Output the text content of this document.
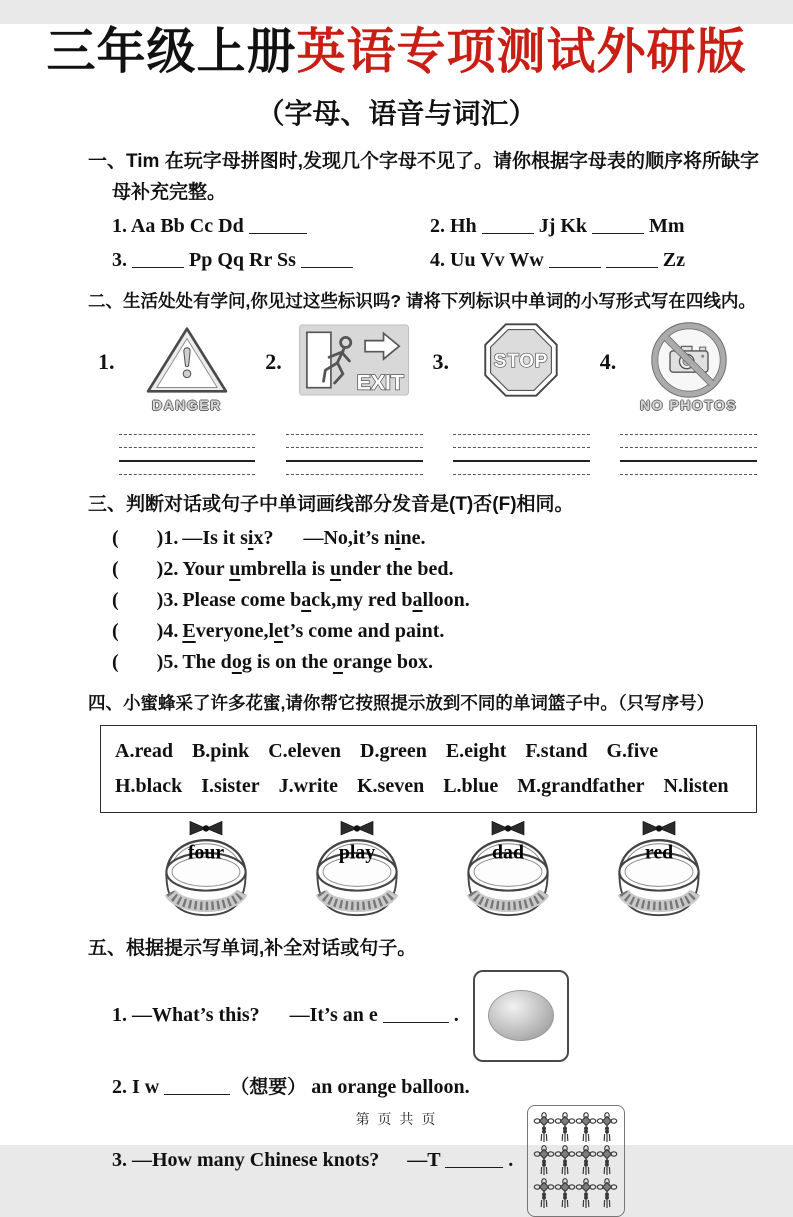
三年级上册英语专项测试外研版
（字母、语音与词汇）
一、Tim 在玩字母拼图时,发现几个字母不见了。请你根据字母表的顺序将所缺字
母补充完整。
1. Aa Bb Cc Dd	2. Hh	Jj Kk	Mm
3.	Pp Qq Rr Ss	4. Uu Vv Ww	Zz
二、生活处处有学问,你见过这些标识吗? 请将下列标识中单词的小写形式写在四线内。
1.
DANGER
2.
EXIT
3. STOP 4.
NO PHOTOS
三、判断对话或句子中单词画线部分发音是(T)否(F)相同。
( )1. —Is it six? —No,it’s nine.
( )2. Your umbrella is under the bed.
( )3. Please come back,my red balloon.
( )4. Everyone,let’s come and paint.
( )5. The dog is on the orange box.
四、小蜜蜂采了许多花蜜,请你帮它按照提示放到不同的单词篮子中。（只写序号）
A.read B.pink C.eleven D.green E.eight F.stand G.five
H.black I.sister J.write K.seven L.blue M.grandfather N.listen
four	play	dad	red
五、根据提示写单词,补全对话或句子。
1. —What’s this? —It’s an e	.
2. I w	（想要） an orange balloon.
3. —How many Chinese knots? —T	.
第 页 共 页
